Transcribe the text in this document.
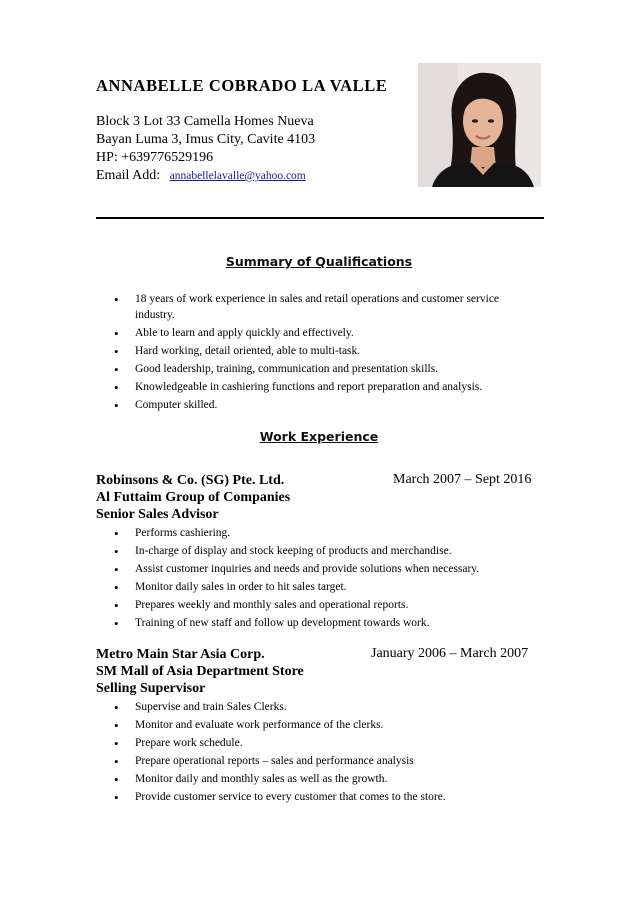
ANNABELLE COBRADO LA VALLE
Block 3 Lot 33 Camella Homes Nueva
Bayan Luma 3, Imus City, Cavite 4103
HP: +639776529196
Email Add: annabellelavalle@yahoo.com
Summary of Qualifications
• 18 years of work experience in sales and retail operations and customer service industry.
• Able to learn and apply quickly and effectively.
• Hard working, detail oriented, able to multi-task.
• Good leadership, training, communication and presentation skills.
• Knowledgeable in cashiering functions and report preparation and analysis.
• Computer skilled.
Work Experience
Robinsons & Co. (SG) Pte. Ltd.	March 2007 – Sept 2016
Al Futtaim Group of Companies
Senior Sales Advisor
• Performs cashiering.
• In-charge of display and stock keeping of products and merchandise.
• Assist customer inquiries and needs and provide solutions when necessary.
• Monitor daily sales in order to hit sales target.
• Prepares weekly and monthly sales and operational reports.
• Training of new staff and follow up development towards work.
Metro Main Star Asia Corp.	January 2006 – March 2007
SM Mall of Asia Department Store
Selling Supervisor
• Supervise and train Sales Clerks.
• Monitor and evaluate work performance of the clerks.
• Prepare work schedule.
• Prepare operational reports – sales and performance analysis
• Monitor daily and monthly sales as well as the growth.
• Provide customer service to every customer that comes to the store.
